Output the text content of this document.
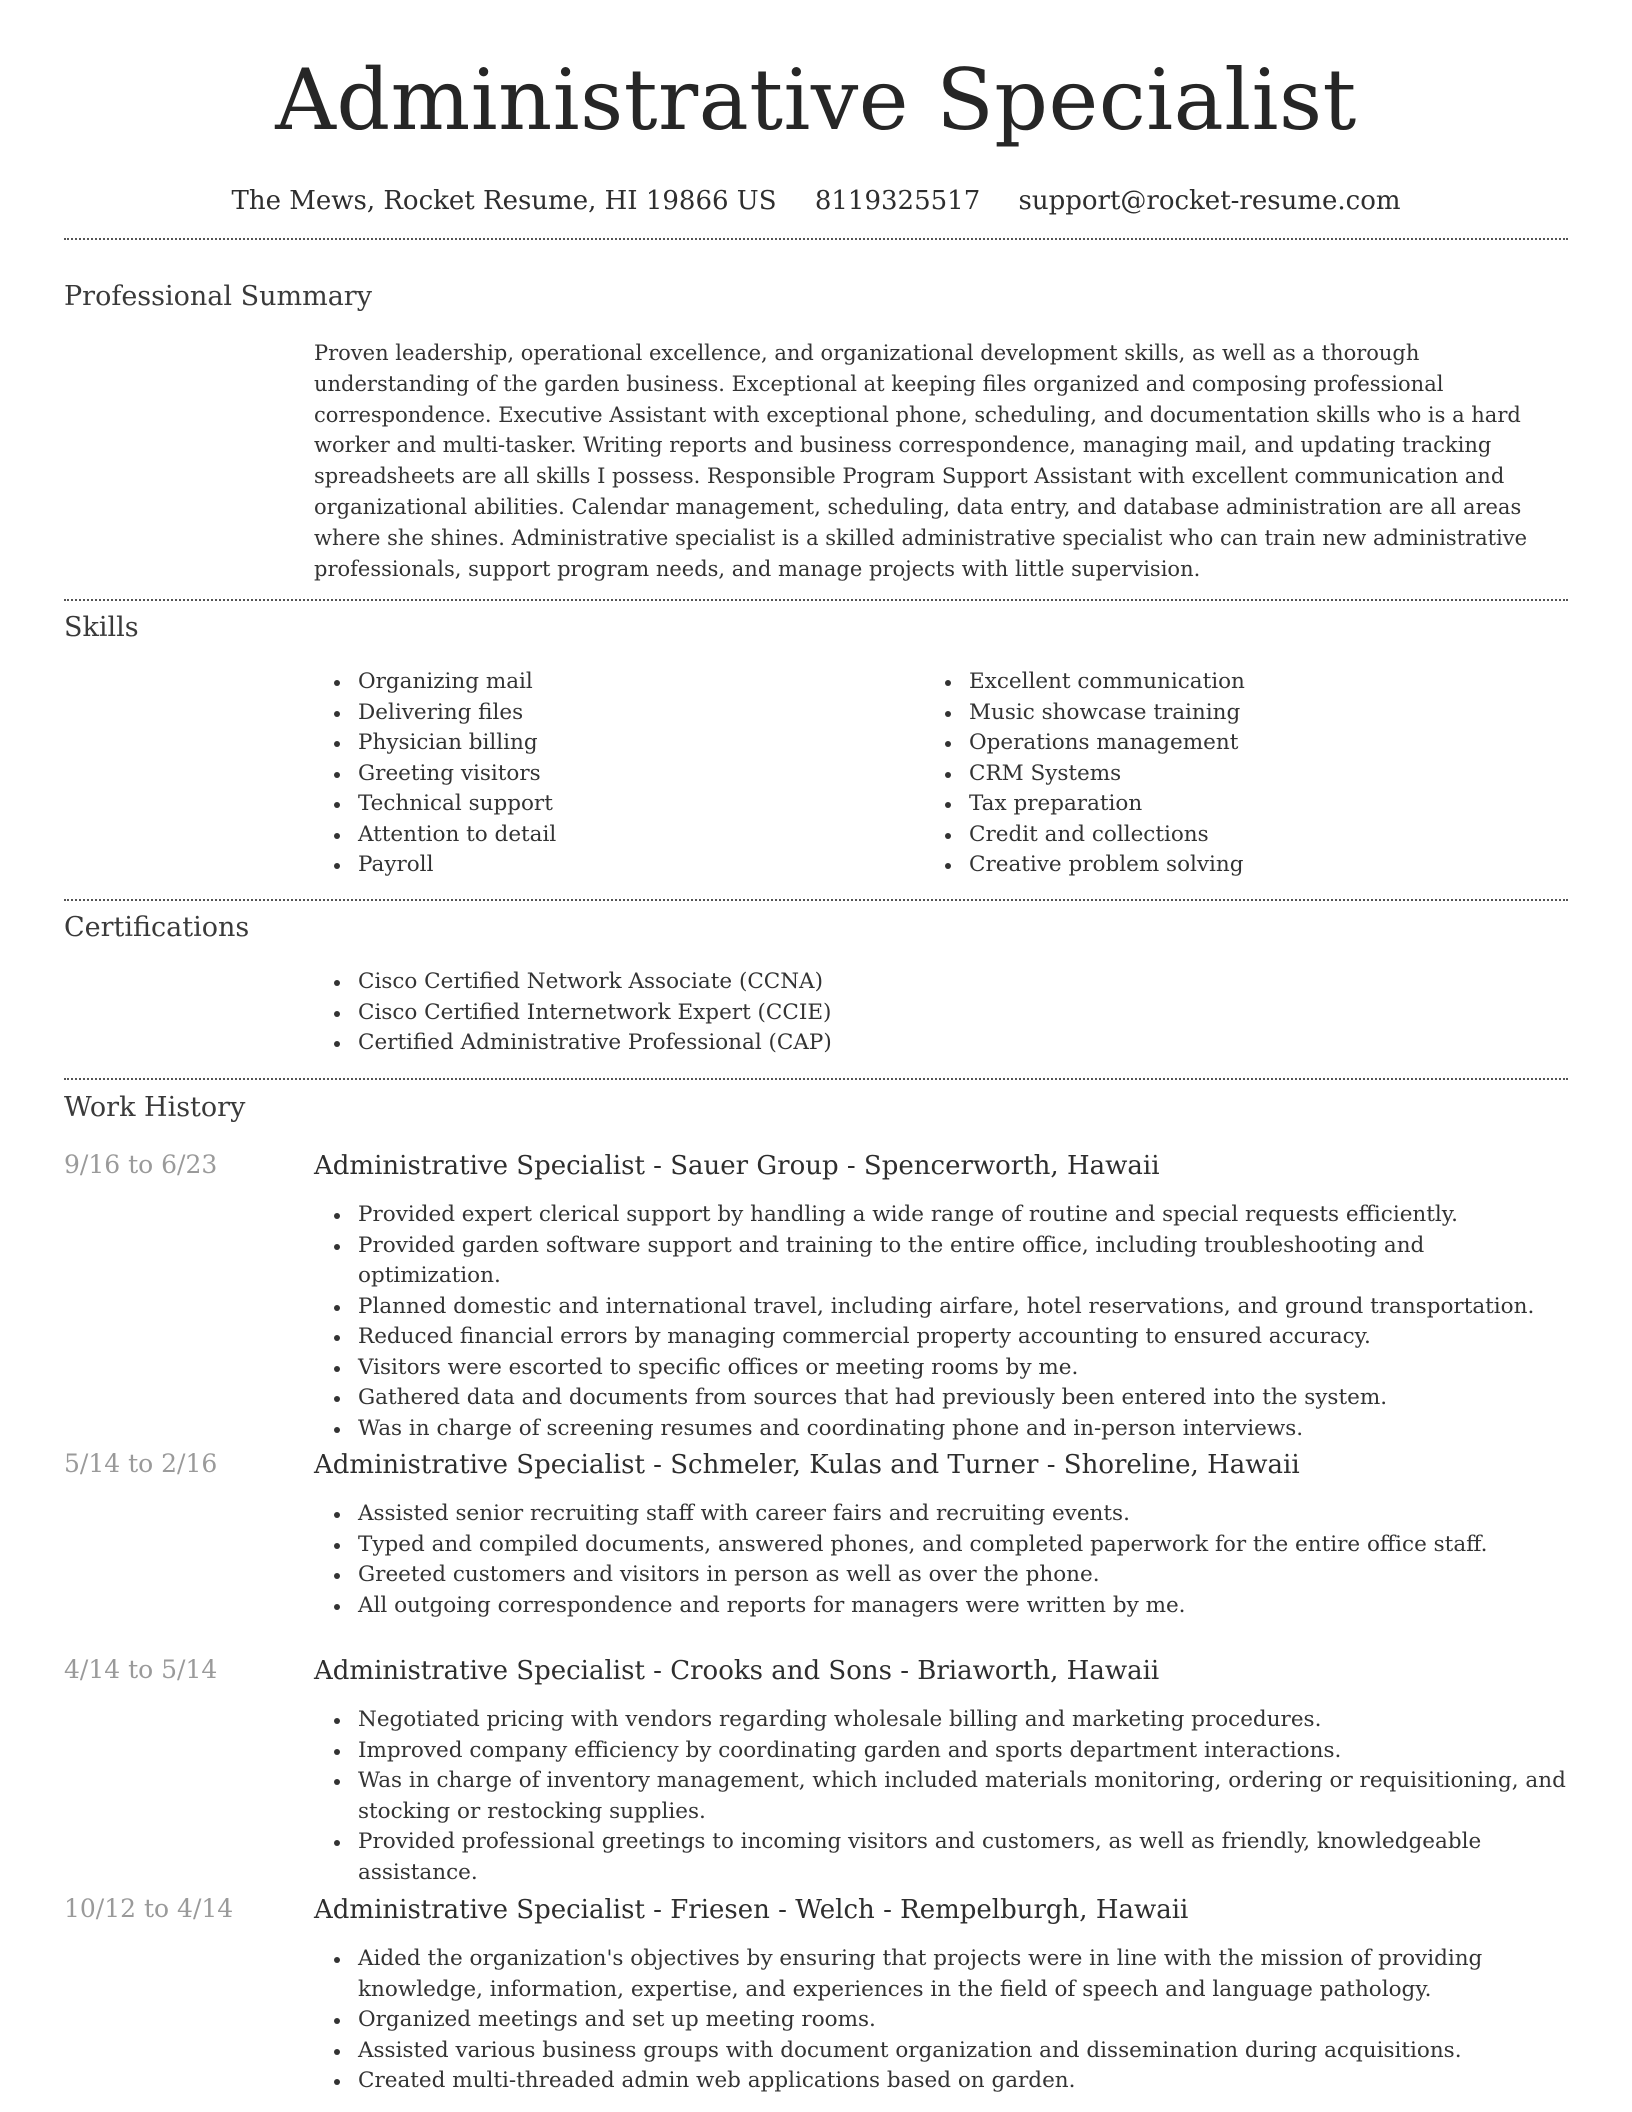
Administrative Specialist
The Mews, Rocket Resume, HI 19866 US 8119325517 support@rocket-resume.com
Professional Summary
Proven leadership, operational excellence, and organizational development skills, as well as a thorough understanding of the garden business. Exceptional at keeping files organized and composing professional correspondence. Executive Assistant with exceptional phone, scheduling, and documentation skills who is a hard worker and multi-tasker. Writing reports and business correspondence, managing mail, and updating tracking spreadsheets are all skills I possess. Responsible Program Support Assistant with excellent communication and organizational abilities. Calendar management, scheduling, data entry, and database administration are all areas where she shines. Administrative specialist is a skilled administrative specialist who can train new administrative professionals, support program needs, and manage projects with little supervision.
Skills
Organizing mail
Delivering files
Physician billing
Greeting visitors
Technical support
Attention to detail
Payroll
Excellent communication
Music showcase training
Operations management
CRM Systems
Tax preparation
Credit and collections
Creative problem solving
Certifications
Cisco Certified Network Associate (CCNA)
Cisco Certified Internetwork Expert (CCIE)
Certified Administrative Professional (CAP)
Work History
9/16 to 6/23	Administrative Specialist - Sauer Group - Spencerworth, Hawaii
Provided expert clerical support by handling a wide range of routine and special requests efficiently.
Provided garden software support and training to the entire office, including troubleshooting and optimization.
Planned domestic and international travel, including airfare, hotel reservations, and ground transportation.
Reduced financial errors by managing commercial property accounting to ensured accuracy.
Visitors were escorted to specific offices or meeting rooms by me.
Gathered data and documents from sources that had previously been entered into the system.
Was in charge of screening resumes and coordinating phone and in-person interviews.
5/14 to 2/16	Administrative Specialist - Schmeler, Kulas and Turner - Shoreline, Hawaii
Assisted senior recruiting staff with career fairs and recruiting events.
Typed and compiled documents, answered phones, and completed paperwork for the entire office staff.
Greeted customers and visitors in person as well as over the phone.
All outgoing correspondence and reports for managers were written by me.
4/14 to 5/14	Administrative Specialist - Crooks and Sons - Briaworth, Hawaii
Negotiated pricing with vendors regarding wholesale billing and marketing procedures.
Improved company efficiency by coordinating garden and sports department interactions.
Was in charge of inventory management, which included materials monitoring, ordering or requisitioning, and stocking or restocking supplies.
Provided professional greetings to incoming visitors and customers, as well as friendly, knowledgeable assistance.
10/12 to 4/14	Administrative Specialist - Friesen - Welch - Rempelburgh, Hawaii
Aided the organization's objectives by ensuring that projects were in line with the mission of providing knowledge, information, expertise, and experiences in the field of speech and language pathology.
Organized meetings and set up meeting rooms.
Assisted various business groups with document organization and dissemination during acquisitions.
Created multi-threaded admin web applications based on garden.
